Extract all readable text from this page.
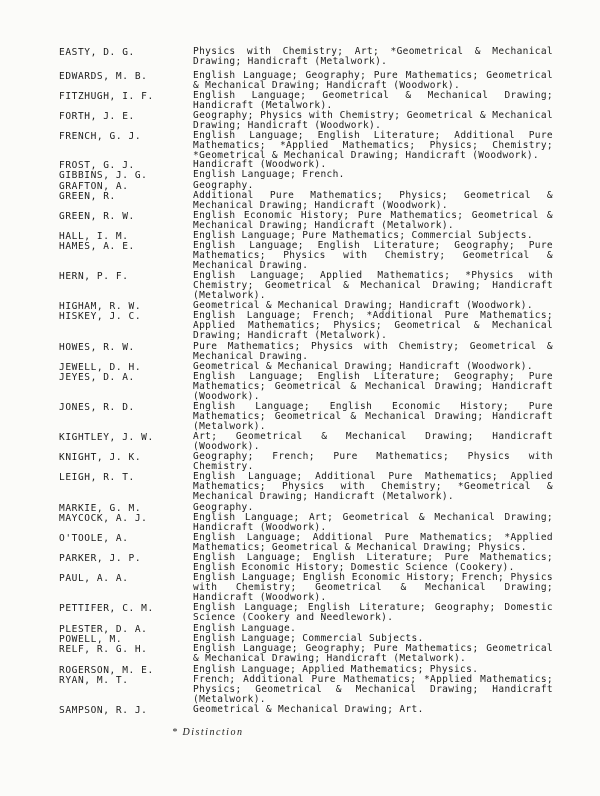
EASTY, D. G.	Physics with Chemistry; Art; *Geometrical & Mechanical Drawing; Handicraft (Metalwork).
EDWARDS, M. B.	English Language; Geography; Pure Mathematics; Geometrical & Mechanical Drawing; Handicraft (Woodwork).
FITZHUGH, I. F.	English Language; Geometrical & Mechanical Drawing; Handicraft (Metalwork).
FORTH, J. E.	Geography; Physics with Chemistry; Geometrical & Mechanical Drawing; Handicraft (Woodwork).
FRENCH, G. J.	English Language; English Literature; Additional Pure Mathematics; *Applied Mathematics; Physics; Chemistry; *Geometrical & Mechanical Drawing; Handicraft (Woodwork).
FROST, G. J.	Handicraft (Woodwork).
GIBBINS, J. G.	English Language; French.
GRAFTON, A.	Geography.
GREEN, R.	Additional Pure Mathematics; Physics; Geometrical & Mechanical Drawing; Handicraft (Woodwork).
GREEN, R. W.	English Economic History; Pure Mathematics; Geometrical & Mechanical Drawing; Handicraft (Metalwork).
HALL, I. M.	English Language; Pure Mathematics; Commercial Subjects.
HAMES, A. E.	English Language; English Literature; Geography; Pure Mathematics; Physics with Chemistry; Geometrical & Mechanical Drawing.
HERN, P. F.	English Language; Applied Mathematics; *Physics with Chemistry; Geometrical & Mechanical Drawing; Handicraft (Metalwork).
HIGHAM, R. W.	Geometrical & Mechanical Drawing; Handicraft (Woodwork).
HISKEY, J. C.	English Language; French; *Additional Pure Mathematics; Applied Mathematics; Physics; Geometrical & Mechanical Drawing; Handicraft (Metalwork).
HOWES, R. W.	Pure Mathematics; Physics with Chemistry; Geometrical & Mechanical Drawing.
JEWELL, D. H.	Geometrical & Mechanical Drawing; Handicraft (Woodwork).
JEYES, D. A.	English Language; English Literature; Geography; Pure Mathematics; Geometrical & Mechanical Drawing; Handicraft (Woodwork).
JONES, R. D.	English Language; English Economic History; Pure Mathematics; Geometrical & Mechanical Drawing; Handicraft (Metalwork).
KIGHTLEY, J. W.	Art; Geometrical & Mechanical Drawing; Handicraft (Woodwork).
KNIGHT, J. K.	Geography; French; Pure Mathematics; Physics with Chemistry.
LEIGH, R. T.	English Language; Additional Pure Mathematics; Applied Mathematics; Physics with Chemistry; *Geometrical & Mechanical Drawing; Handicraft (Metalwork).
MARKIE, G. M.	Geography.
MAYCOCK, A. J.	English Language; Art; Geometrical & Mechanical Drawing; Handicraft (Woodwork).
O'TOOLE, A.	English Language; Additional Pure Mathematics; *Applied Mathematics; Geometrical & Mechanical Drawing; Physics.
PARKER, J. P.	English Language; English Literature; Pure Mathematics; English Economic History; Domestic Science (Cookery).
PAUL, A. A.	English Language; English Economic History; French; Physics with Chemistry; Geometrical & Mechanical Drawing; Handicraft (Woodwork).
PETTIFER, C. M.	English Language; English Literature; Geography; Domestic Science (Cookery and Needlework).
PLESTER, D. A.	English Language.
POWELL, M.	English Language; Commercial Subjects.
RELF, R. G. H.	English Language; Geography; Pure Mathematics; Geometrical & Mechanical Drawing; Handicraft (Metalwork).
ROGERSON, M. E.	English Language; Applied Mathematics; Physics.
RYAN, M. T.	French; Additional Pure Mathematics; *Applied Mathematics; Physics; Geometrical & Mechanical Drawing; Handicraft (Metalwork).
SAMPSON, R. J.	Geometrical & Mechanical Drawing; Art.
* Distinction
